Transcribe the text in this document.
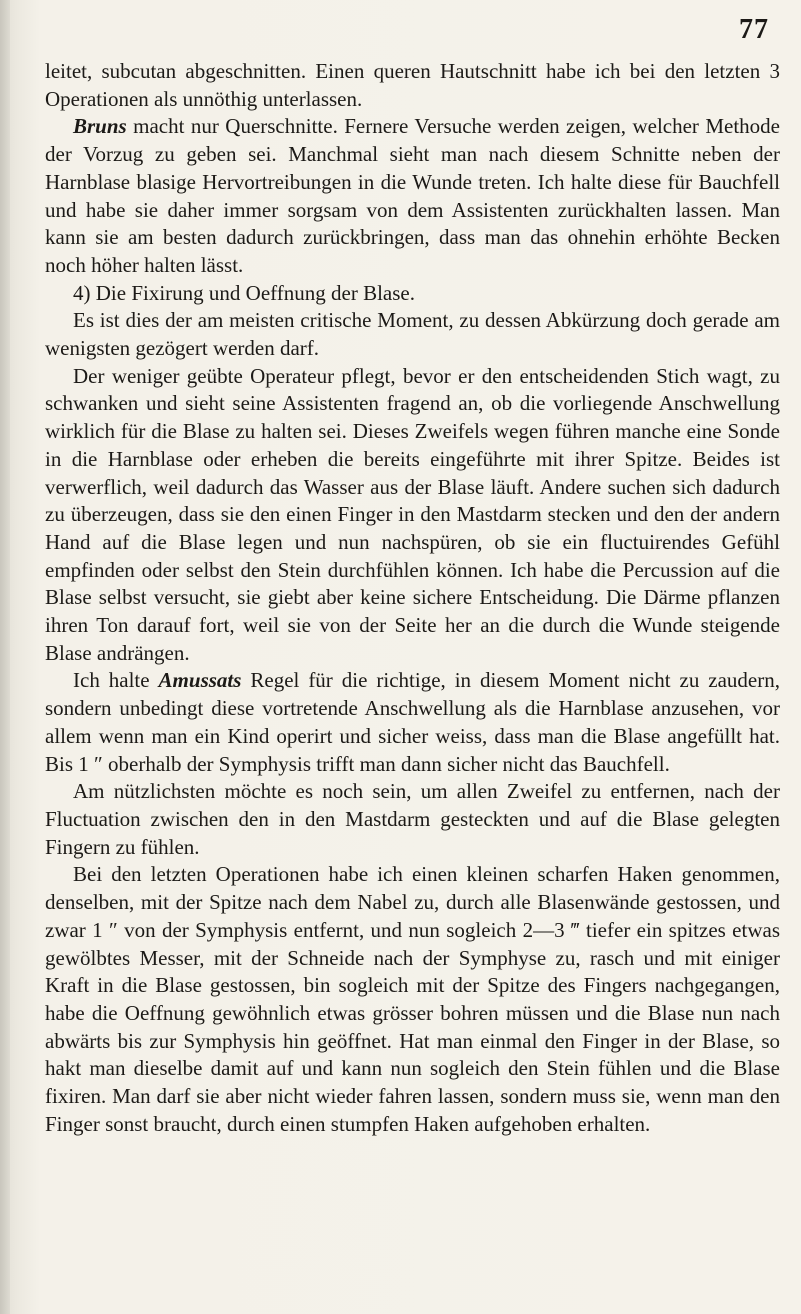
77

leitet, subcutan abgeschnitten. Einen queren Hautschnitt habe ich bei den letzten 3 Operationen als unnöthig unterlassen.

Bruns macht nur Querschnitte. Fernere Versuche werden zeigen, welcher Methode der Vorzug zu geben sei. Manchmal sieht man nach diesem Schnitte neben der Harnblase blasige Hervortreibungen in die Wunde treten. Ich halte diese für Bauchfell und habe sie daher immer sorgsam von dem Assistenten zurückhalten lassen. Man kann sie am besten dadurch zurückbringen, dass man das ohnehin erhöhte Becken noch höher halten lässt.

4) Die Fixirung und Oeffnung der Blase.

Es ist dies der am meisten critische Moment, zu dessen Abkürzung doch gerade am wenigsten gezögert werden darf.

Der weniger geübte Operateur pflegt, bevor er den entscheidenden Stich wagt, zu schwanken und sieht seine Assistenten fragend an, ob die vorliegende Anschwellung wirklich für die Blase zu halten sei. Dieses Zweifels wegen führen manche eine Sonde in die Harnblase oder erheben die bereits eingeführte mit ihrer Spitze. Beides ist verwerflich, weil dadurch das Wasser aus der Blase läuft. Andere suchen sich dadurch zu überzeugen, dass sie den einen Finger in den Mastdarm stecken und den der andern Hand auf die Blase legen und nun nachspüren, ob sie ein fluctuirendes Gefühl empfinden oder selbst den Stein durchfühlen können. Ich habe die Percussion auf die Blase selbst versucht, sie giebt aber keine sichere Entscheidung. Die Därme pflanzen ihren Ton darauf fort, weil sie von der Seite her an die durch die Wunde steigende Blase andrängen.

Ich halte Amussats Regel für die richtige, in diesem Moment nicht zu zaudern, sondern unbedingt diese vortretende Anschwellung als die Harnblase anzusehen, vor allem wenn man ein Kind operirt und sicher weiss, dass man die Blase angefüllt hat. Bis 1 ″ oberhalb der Symphysis trifft man dann sicher nicht das Bauchfell.

Am nützlichsten möchte es noch sein, um allen Zweifel zu entfernen, nach der Fluctuation zwischen den in den Mastdarm gesteckten und auf die Blase gelegten Fingern zu fühlen.

Bei den letzten Operationen habe ich einen kleinen scharfen Haken genommen, denselben, mit der Spitze nach dem Nabel zu, durch alle Blasenwände gestossen, und zwar 1 ″ von der Symphysis entfernt, und nun sogleich 2—3 ‴ tiefer ein spitzes etwas gewölbtes Messer, mit der Schneide nach der Symphyse zu, rasch und mit einiger Kraft in die Blase gestossen, bin sogleich mit der Spitze des Fingers nachgegangen, habe die Oeffnung gewöhnlich etwas grösser bohren müssen und die Blase nun nach abwärts bis zur Symphysis hin geöffnet. Hat man einmal den Finger in der Blase, so hakt man dieselbe damit auf und kann nun sogleich den Stein fühlen und die Blase fixiren. Man darf sie aber nicht wieder fahren lassen, sondern muss sie, wenn man den Finger sonst braucht, durch einen stumpfen Haken aufgehoben erhalten.
